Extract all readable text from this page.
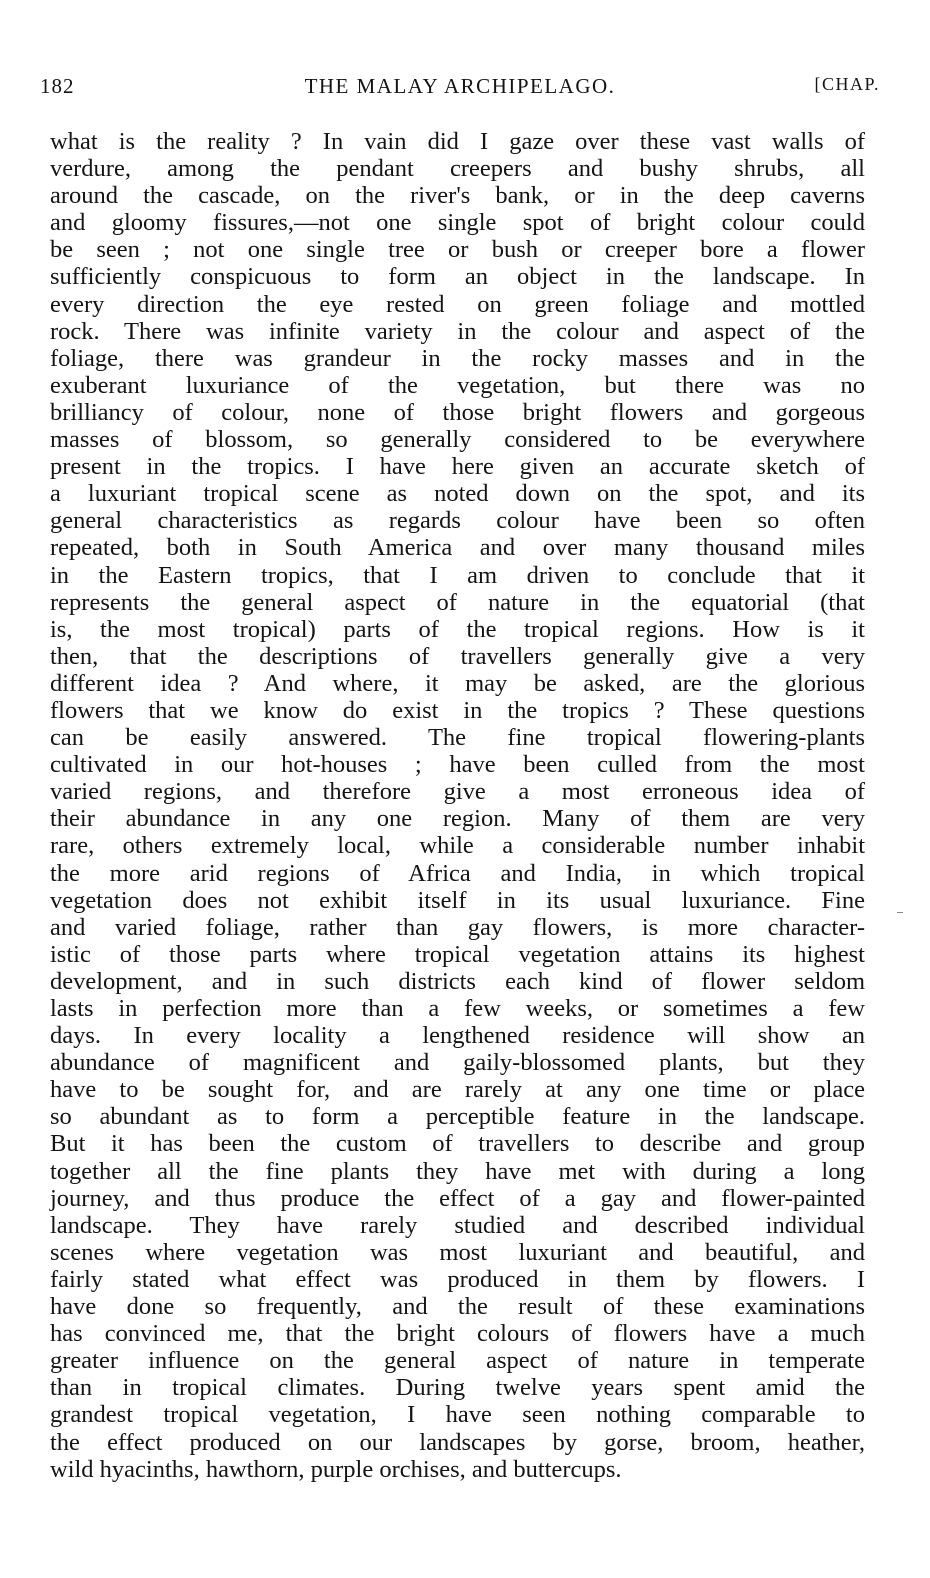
182	THE MALAY ARCHIPELAGO.	[CHAP.
what is the reality ? In vain did I gaze over these vast walls of
verdure, among the pendant creepers and bushy shrubs, all
around the cascade, on the river's bank, or in the deep caverns
and gloomy fissures,—not one single spot of bright colour could
be seen ; not one single tree or bush or creeper bore a flower
sufficiently conspicuous to form an object in the landscape. In
every direction the eye rested on green foliage and mottled
rock. There was infinite variety in the colour and aspect of the
foliage, there was grandeur in the rocky masses and in the
exuberant luxuriance of the vegetation, but there was no
brilliancy of colour, none of those bright flowers and gorgeous
masses of blossom, so generally considered to be everywhere
present in the tropics. I have here given an accurate sketch of
a luxuriant tropical scene as noted down on the spot, and its
general characteristics as regards colour have been so often
repeated, both in South America and over many thousand miles
in the Eastern tropics, that I am driven to conclude that it
represents the general aspect of nature in the equatorial (that
is, the most tropical) parts of the tropical regions. How is it
then, that the descriptions of travellers generally give a very
different idea ? And where, it may be asked, are the glorious
flowers that we know do exist in the tropics ? These questions
can be easily answered. The fine tropical flowering-plants
cultivated in our hot-houses ; have been culled from the most
varied regions, and therefore give a most erroneous idea of
their abundance in any one region. Many of them are very
rare, others extremely local, while a considerable number inhabit
the more arid regions of Africa and India, in which tropical
vegetation does not exhibit itself in its usual luxuriance. Fine
and varied foliage, rather than gay flowers, is more character-
istic of those parts where tropical vegetation attains its highest
development, and in such districts each kind of flower seldom
lasts in perfection more than a few weeks, or sometimes a few
days. In every locality a lengthened residence will show an
abundance of magnificent and gaily-blossomed plants, but they
have to be sought for, and are rarely at any one time or place
so abundant as to form a perceptible feature in the landscape.
But it has been the custom of travellers to describe and group
together all the fine plants they have met with during a long
journey, and thus produce the effect of a gay and flower-painted
landscape. They have rarely studied and described individual
scenes where vegetation was most luxuriant and beautiful, and
fairly stated what effect was produced in them by flowers. I
have done so frequently, and the result of these examinations
has convinced me, that the bright colours of flowers have a much
greater influence on the general aspect of nature in temperate
than in tropical climates. During twelve years spent amid the
grandest tropical vegetation, I have seen nothing comparable to
the effect produced on our landscapes by gorse, broom, heather,
wild hyacinths, hawthorn, purple orchises, and buttercups.
